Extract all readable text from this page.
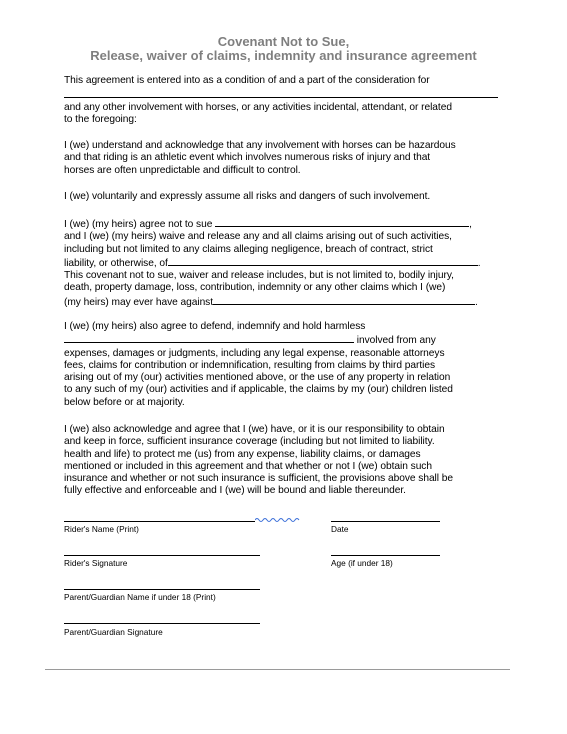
Covenant Not to Sue,
Release, waiver of claims, indemnity and insurance agreement

This agreement is entered into as a condition of and a part of the consideration for

and any other involvement with horses, or any activities incidental, attendant, or related

to the foregoing:

I (we) understand and acknowledge that any involvement with horses can be hazardous

and that riding is an athletic event which involves numerous risks of injury and that

horses are often unpredictable and difficult to control.

I (we) voluntarily and expressly assume all risks and dangers of such involvement.

I (we) (my heirs) agree not to sue	,

and I (we) (my heirs) waive and release any and all claims arising out of such activities,

including but not limited to any claims alleging negligence, breach of contract, strict

liability, or otherwise, of	.

This covenant not to sue, waiver and release includes, but is not limited to, bodily injury,

death, property damage, loss, contribution, indemnity or any other claims which I (we)

(my heirs) may ever have against	.

I (we) (my heirs) also agree to defend, indemnify and hold harmless

involved from any

expenses, damages or judgments, including any legal expense, reasonable attorneys

fees, claims for contribution or indemnification, resulting from claims by third parties

arising out of my (our) activities mentioned above, or the use of any property in relation

to any such of my (our) activities and if applicable, the claims by my (our) children listed

below before or at majority.

I (we) also acknowledge and agree that I (we) have, or it is our responsibility to obtain

and keep in force, sufficient insurance coverage (including but not limited to liability.

health and life) to protect me (us) from any expense, liability claims, or damages

mentioned or included in this agreement and that whether or not I (we) obtain such

insurance and whether or not such insurance is sufficient, the provisions above shall be

fully effective and enforceable and I (we) will be bound and liable thereunder.

Rider's Name (Print)	Date
Rider's Signature	Age (if under 18)
Parent/Guardian Name if under 18 (Print)
Parent/Guardian Signature
